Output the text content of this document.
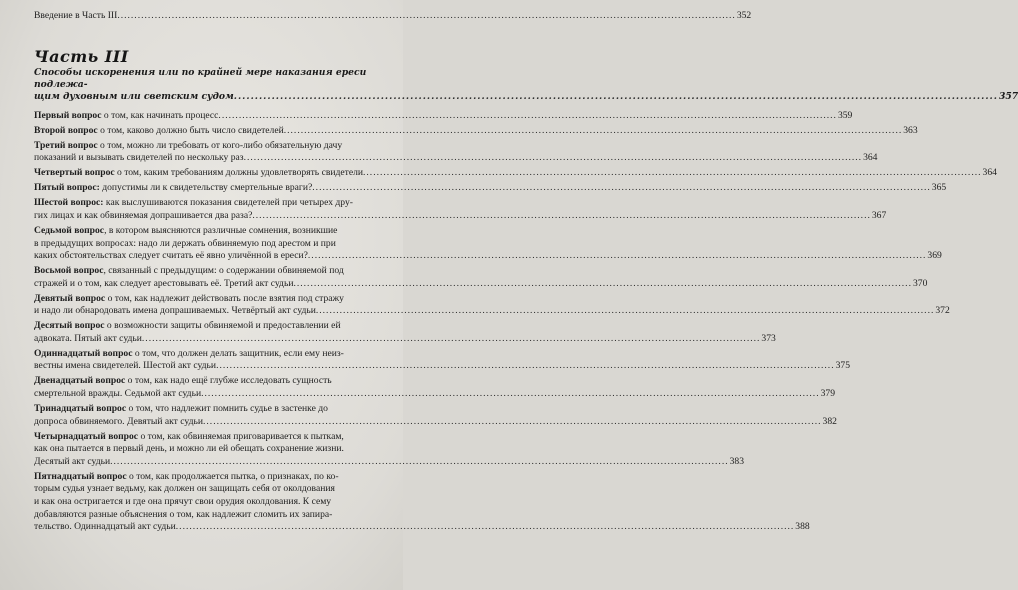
Введение в Часть III .....	352
Часть III
Способы искоренения или по крайней мере наказания ереси подлежа-
щим духовным или светским судом .....	357
Первый вопрос о том, как начинать процесс .....	359
Второй вопрос о том, каково должно быть число свидетелей .....	363
Третий вопрос о том, можно ли требовать от кого-либо обязательную дачу
показаний и вызывать свидетелей по нескольку раз .....	364
Четвертый вопрос о том, каким требованиям должны удовлетворять свидетели .....	364
Пятый вопрос: допустимы ли к свидетельству смертельные враги? .....	365
Шестой вопрос: как выслушиваются показания свидетелей при четырех дру-
гих лицах и как обвиняемая допрашивается два раза? .....	367
Седьмой вопрос, в котором выясняются различные сомнения, возникшие
в предыдущих вопросах: надо ли держать обвиняемую под арестом и при
каких обстоятельствах следует считать её явно уличённой в ереси? .....	369
Восьмой вопрос, связанный с предыдущим: о содержании обвиняемой под
стражей и о том, как следует арестовывать её. Третий акт судьи .....	370
Девятый вопрос о том, как надлежит действовать после взятия под стражу
и надо ли обнародовать имена допрашиваемых. Четвёртый акт судьи .....	372
Десятый вопрос о возможности защиты обвиняемой и предоставлении ей
адвоката. Пятый акт судьи .....	373
Одиннадцатый вопрос о том, что должен делать защитник, если ему неиз-
вестны имена свидетелей. Шестой акт судьи .....	375
Двенадцатый вопрос о том, как надо ещё глубже исследовать сущность
смертельной вражды. Седьмой акт судьи .....	379
Тринадцатый вопрос о том, что надлежит помнить судье в застенке до
допроса обвиняемого. Девятый акт судьи .....	382
Четырнадцатый вопрос о том, как обвиняемая приговаривается к пыткам,
как она пытается в первый день, и можно ли ей обещать сохранение жизни.
Десятый акт судьи .....	383
Пятнадцатый вопрос о том, как продолжается пытка, о признаках, по ко-
торым судья узнает ведьму, как должен он защищать себя от околдования
и как она остригается и где она прячут свои орудия околдования. К сему
добавляются разные объяснения о том, как надлежит сломить их запира-
тельство. Одиннадцатый акт судьи .....	388
